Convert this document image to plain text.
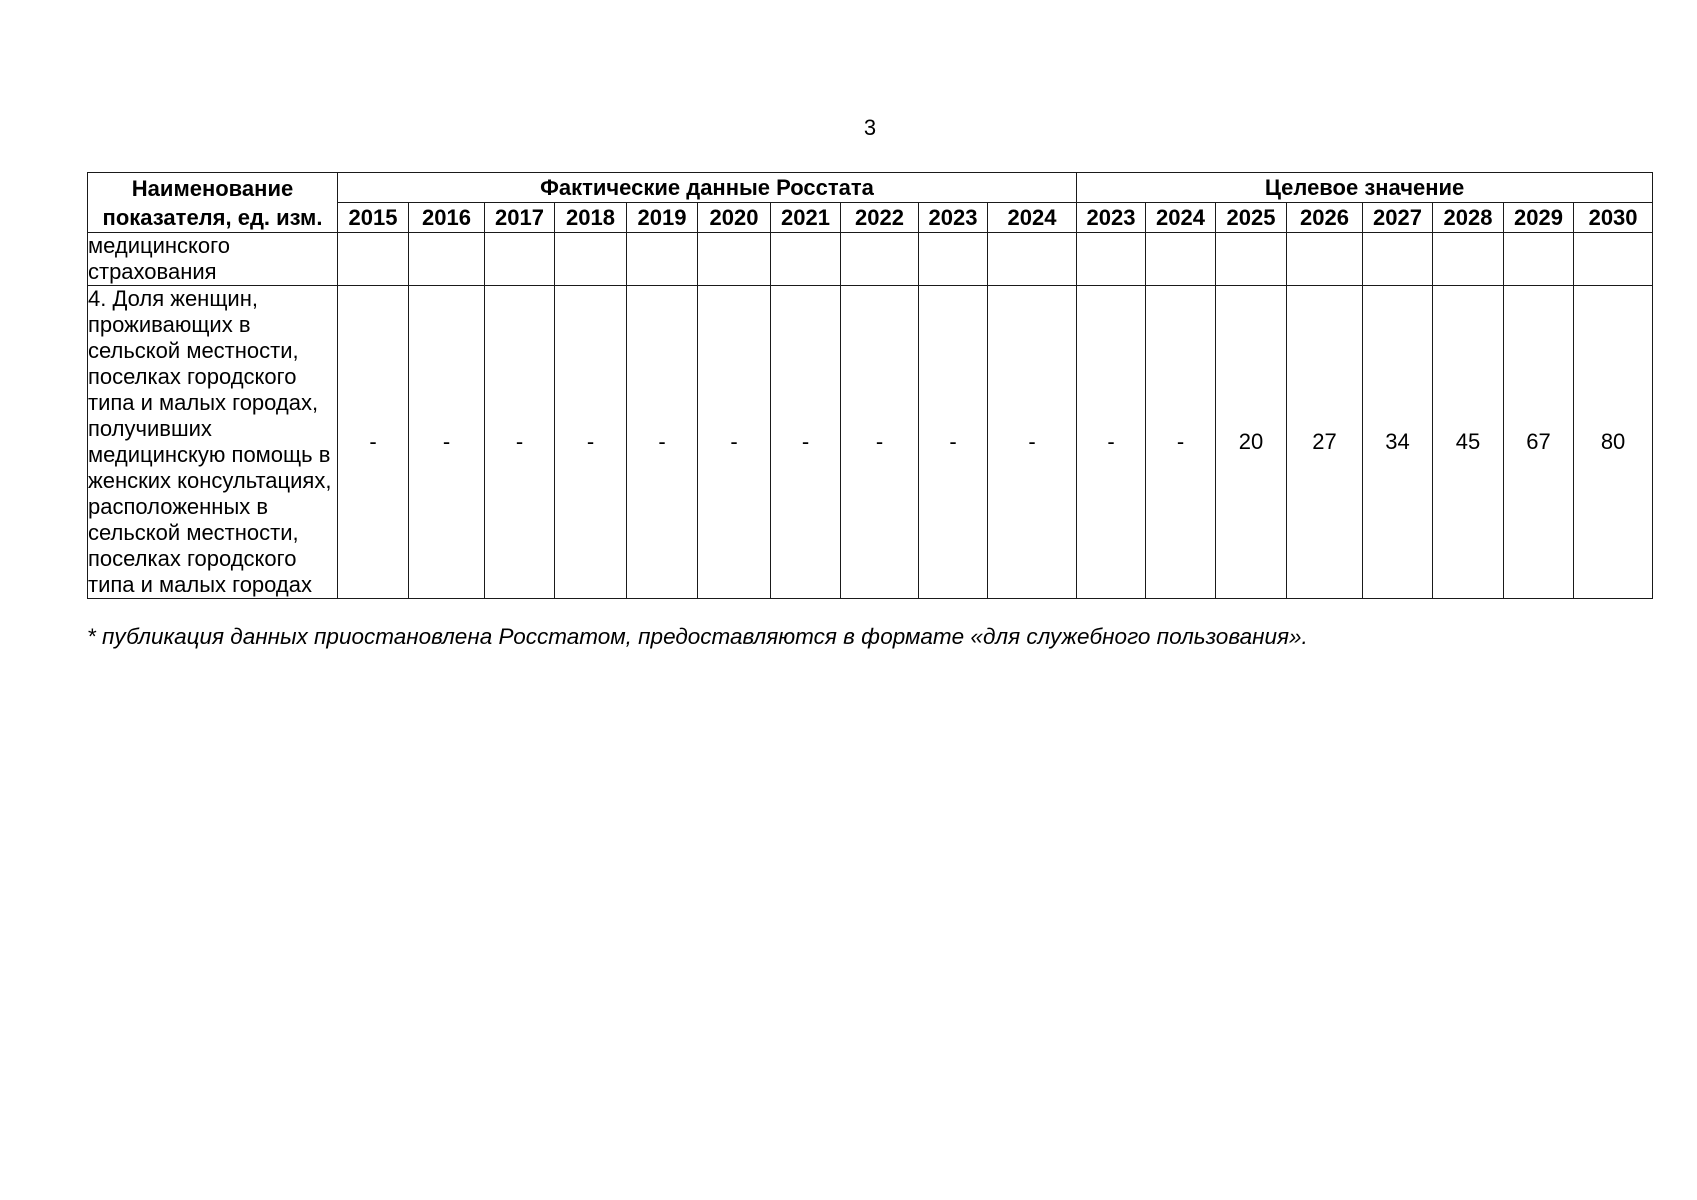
3
Наименование показателя, ед. изм.	Фактические данные Росстата										Целевое значение							
	2015	2016	2017	2018	2019	2020	2021	2022	2023	2024	2023	2024	2025	2026	2027	2028	2029	2030
медицинского страхования																		
4. Доля женщин, проживающих в сельской местности, поселках городского типа и малых городах, получивших медицинскую помощь в женских консультациях, расположенных в сельской местности, поселках городского типа и малых городах	-	-	-	-	-	-	-	-	-	-	-	-	20	27	34	45	67	80
* публикация данных приостановлена Росстатом, предоставляются в формате «для служебного пользования».
